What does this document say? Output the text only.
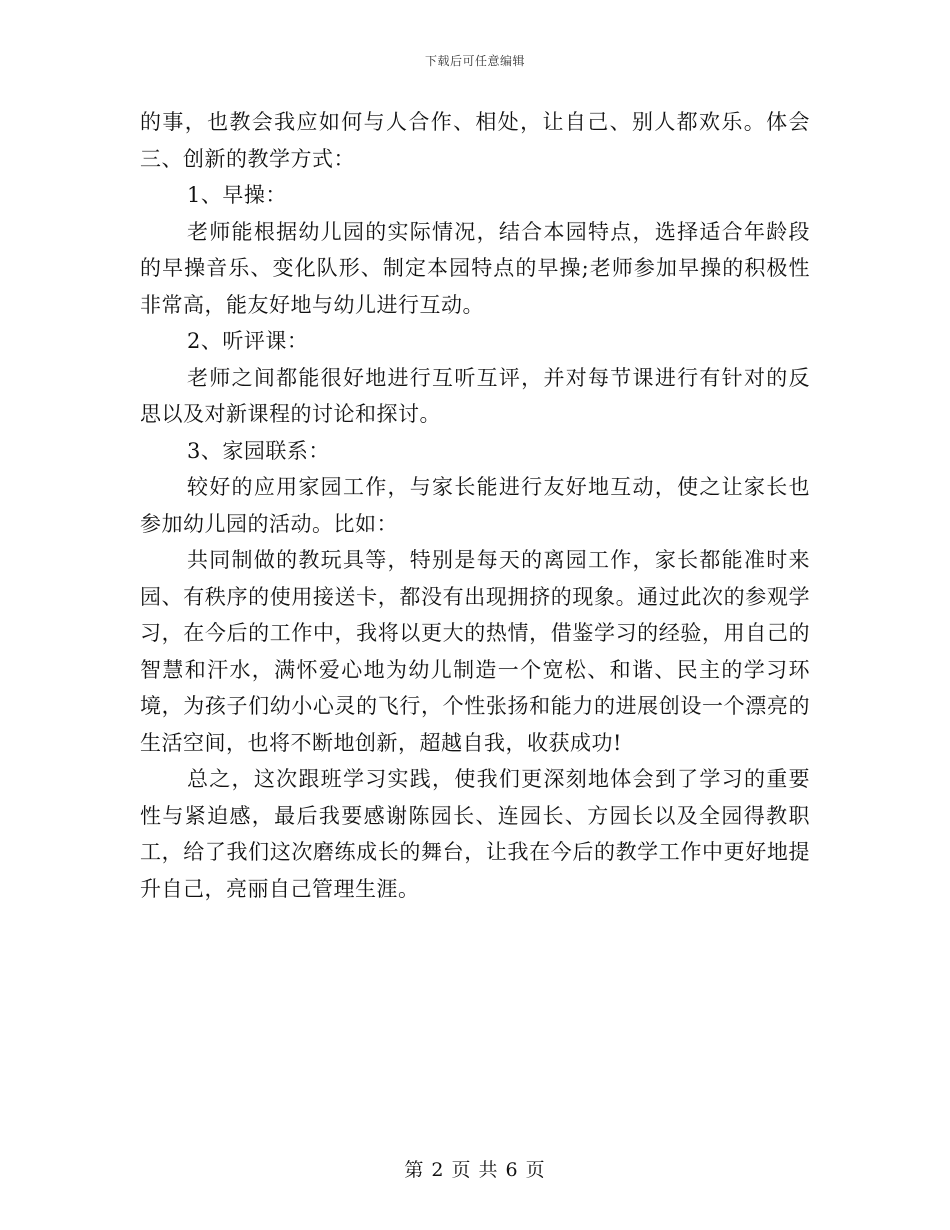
下载后可任意编辑

的事，也教会我应如何与人合作、相处，让自己、别人都欢乐。体会三、创新的教学方式：

1、早操：

老师能根据幼儿园的实际情况，结合本园特点，选择适合年龄段的早操音乐、变化队形、制定本园特点的早操;老师参加早操的积极性非常高，能友好地与幼儿进行互动。

2、听评课：

老师之间都能很好地进行互听互评，并对每节课进行有针对的反思以及对新课程的讨论和探讨。

3、家园联系：

较好的应用家园工作，与家长能进行友好地互动，使之让家长也参加幼儿园的活动。比如：

共同制做的教玩具等，特别是每天的离园工作，家长都能准时来园、有秩序的使用接送卡，都没有出现拥挤的现象。通过此次的参观学习，在今后的工作中，我将以更大的热情，借鉴学习的经验，用自己的智慧和汗水，满怀爱心地为幼儿制造一个宽松、和谐、民主的学习环境，为孩子们幼小心灵的飞行，个性张扬和能力的进展创设一个漂亮的生活空间，也将不断地创新，超越自我，收获成功!

总之，这次跟班学习实践，使我们更深刻地体会到了学习的重要性与紧迫感，最后我要感谢陈园长、连园长、方园长以及全园得教职工，给了我们这次磨练成长的舞台，让我在今后的教学工作中更好地提升自己，亮丽自己管理生涯。

第 2 页 共 6 页
